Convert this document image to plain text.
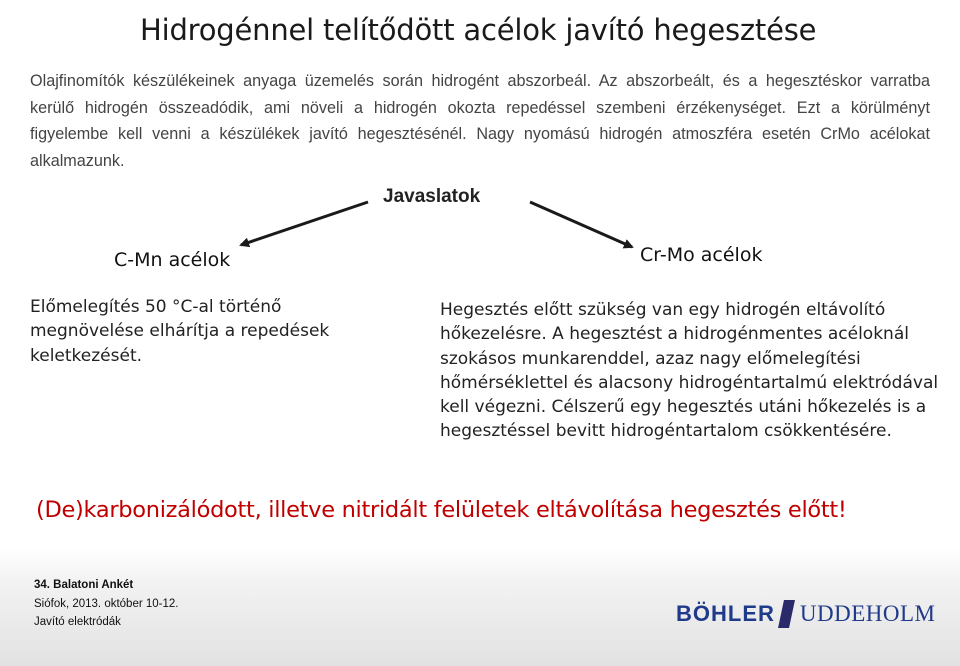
Hidrogénnel telítődött acélok javító hegesztése

Olajfinomítók készülékeinek anyaga üzemelés során hidrogént abszorbeál. Az abszorbeált, és a hegesztéskor varratba kerülő hidrogén összeadódik, ami növeli a hidrogén okozta repedéssel szembeni érzékenységet. Ezt a körülményt figyelembe kell venni a készülékek javító hegesztésénél. Nagy nyomású hidrogén atmoszféra esetén CrMo acélokat alkalmazunk.

Javaslatok
C-Mn acélok	Cr-Mo acélok

Előmelegítés 50 °C-al történő megnövelése elhárítja a repedések keletkezését.

Hegesztés előtt szükség van egy hidrogén eltávolító hőkezelésre. A hegesztést a hidrogénmentes acéloknál szokásos munkarenddel, azaz nagy előmelegítési hőmérséklettel és alacsony hidrogéntartalmú elektródával kell végezni. Célszerű egy hegesztés utáni hőkezelés is a hegesztéssel bevitt hidrogéntartalom csökkentésére.

(De)karbonizálódott, illetve nitridált felületek eltávolítása hegesztés előtt!
34. Balatoni Ankét
Siófok, 2013. október 10-12.
Javító elektródák	BÖHLER UDDEHOLM
